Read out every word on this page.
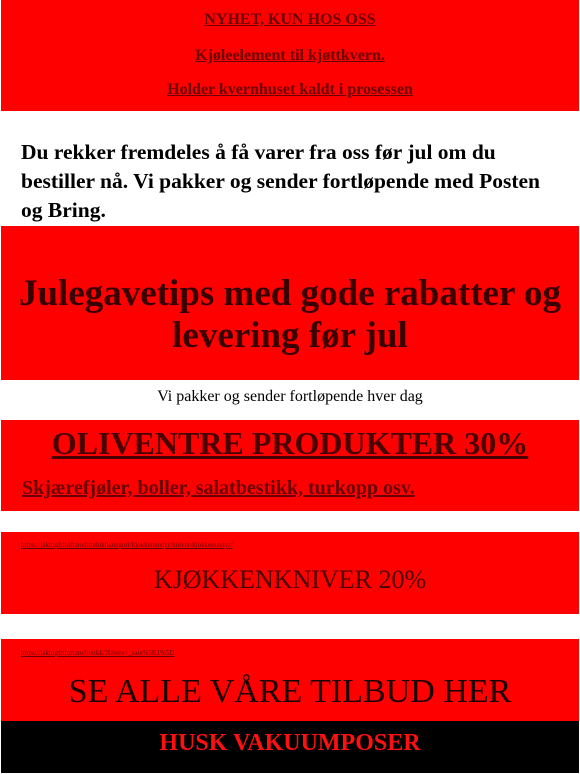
NYHET, KUN HOS OSS
Kjøleelement til kjøttkvern.
Holder kvernhuset kaldt i prosessen
Du rekker fremdeles å få varer fra oss før jul om du bestiller nå. Vi pakker og sender fortløpende med Posten og Bring.
Julegavetips med gode rabatter og levering før jul
Vi pakker og sender fortløpende hver dag
OLIVENTRE PRODUKTER 30%
Skjærefjøler, boller, salatbestikk, turkopp osv.
https://jaktogfriluft.no/produktkategori/kjokkenutstyr/kniver-kjokkenutstyr/
KJØKKENKNIVER 20%
https://jaktogfriluft.no/butikk/?filters=_sale%5B1%5D
SE ALLE VÅRE TILBUD HER
HUSK VAKUUMPOSER
